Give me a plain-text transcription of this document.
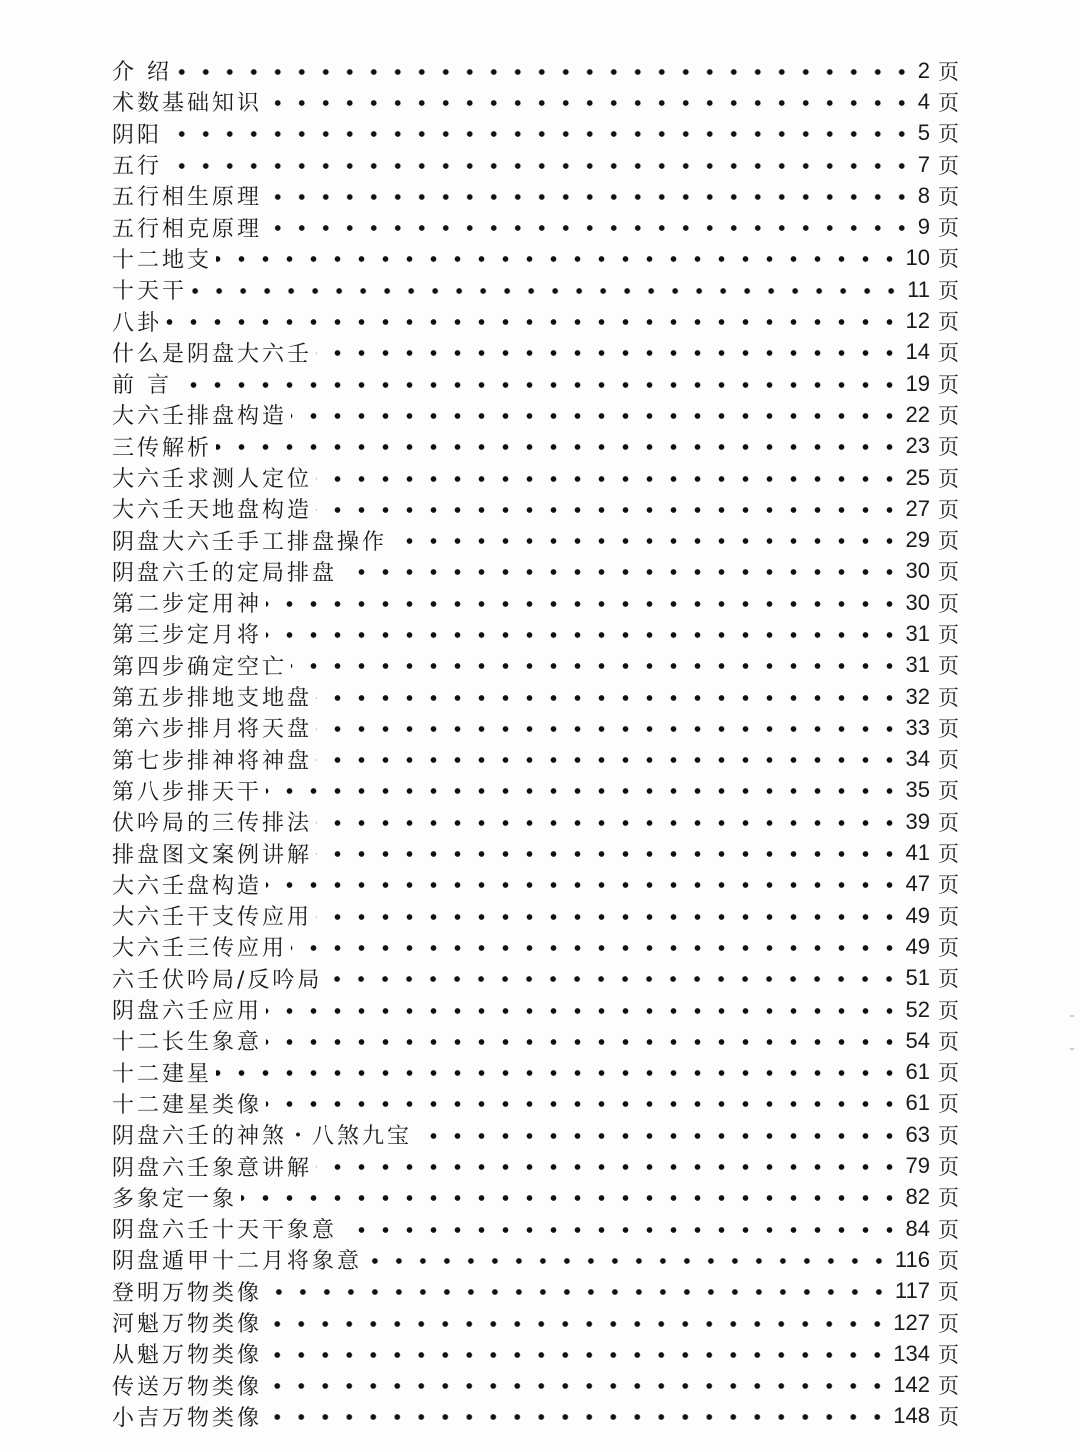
介 绍	2 页
术数基础知识	4 页
阴阳	5 页
五行	7 页
五行相生原理	8 页
五行相克原理	9 页
十二地支	10 页
十天干	11 页
八卦	12 页
什么是阴盘大六壬	14 页
前 言	19 页
大六壬排盘构造	22 页
三传解析	23 页
大六壬求测人定位	25 页
大六壬天地盘构造	27 页
阴盘大六壬手工排盘操作	29 页
阴盘六壬的定局排盘	30 页
第二步定用神	30 页
第三步定月将	31 页
第四步确定空亡	31 页
第五步排地支地盘	32 页
第六步排月将天盘	33 页
第七步排神将神盘	34 页
第八步排天干	35 页
伏吟局的三传排法	39 页
排盘图文案例讲解	41 页
大六壬盘构造	47 页
大六壬干支传应用	49 页
大六壬三传应用	49 页
六壬伏吟局/反吟局	51 页
阴盘六壬应用	52 页
十二长生象意	54 页
十二建星	61 页
十二建星类像	61 页
阴盘六壬的神煞・八煞九宝	63 页
阴盘六壬象意讲解	79 页
多象定一象	82 页
阴盘六壬十天干象意	84 页
阴盘遁甲十二月将象意	116 页
登明万物类像	117 页
河魁万物类像	127 页
从魁万物类像	134 页
传送万物类像	142 页
小吉万物类像	148 页
